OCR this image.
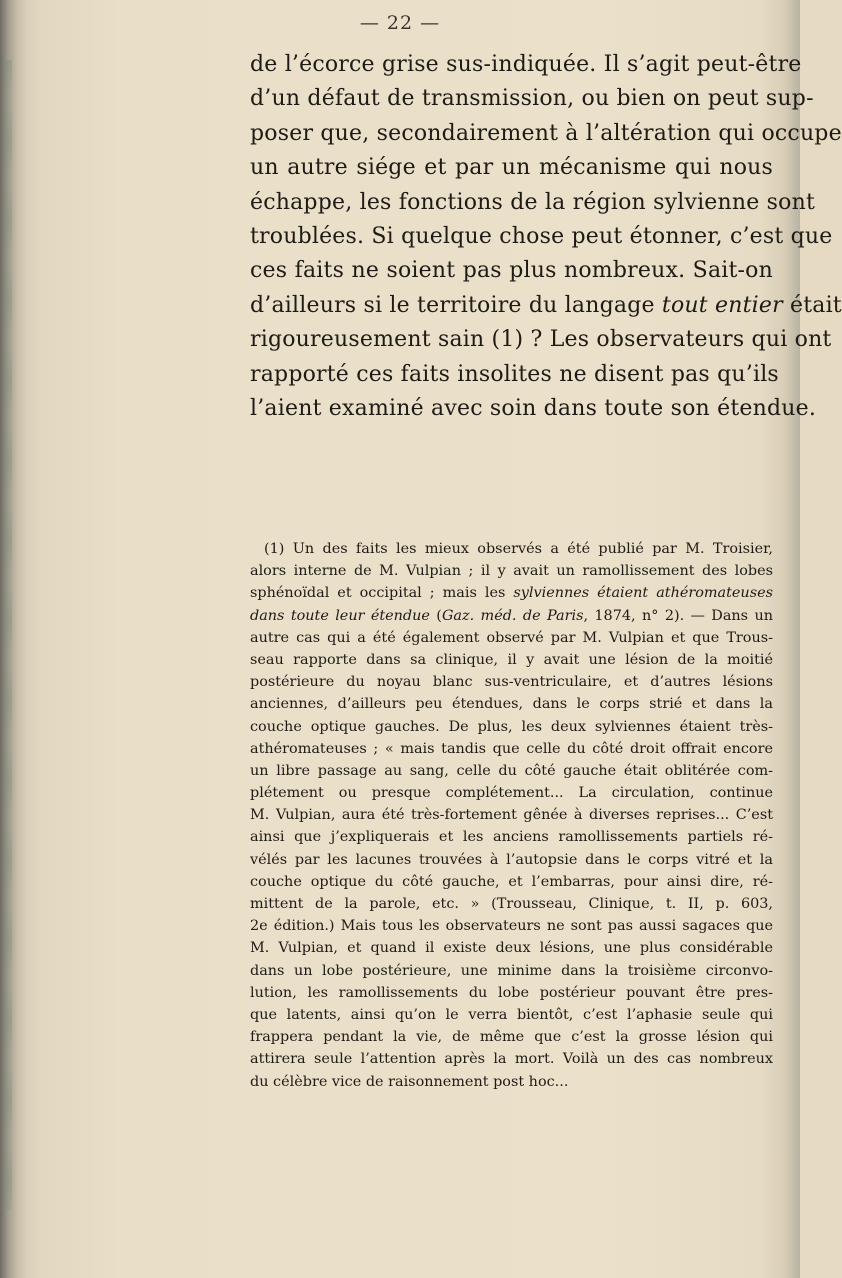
— 22 —
de l’écorce grise sus-indiquée. Il s’agit peut-être
d’un défaut de transmission, ou bien on peut sup-
poser que, secondairement à l’altération qui occupe
un autre siége et par un mécanisme qui nous
échappe, les fonctions de la région sylvienne sont
troublées. Si quelque chose peut étonner, c’est que
ces faits ne soient pas plus nombreux. Sait-on
d’ailleurs si le territoire du langage tout entier était
rigoureusement sain (1) ? Les observateurs qui ont
rapporté ces faits insolites ne disent pas qu’ils
l’aient examiné avec soin dans toute son étendue.
(1) Un des faits les mieux observés a été publié par M. Troisier,
alors interne de M. Vulpian ; il y avait un ramollissement des lobes
sphénoïdal et occipital ; mais les sylviennes étaient athéromateuses
dans toute leur étendue (Gaz. méd. de Paris, 1874, n° 2). — Dans un
autre cas qui a été également observé par M. Vulpian et que Trous-
seau rapporte dans sa clinique, il y avait une lésion de la moitié
postérieure du noyau blanc sus-ventriculaire, et d’autres lésions
anciennes, d’ailleurs peu étendues, dans le corps strié et dans la
couche optique gauches. De plus, les deux sylviennes étaient très-
athéromateuses ; « mais tandis que celle du côté droit offrait encore
un libre passage au sang, celle du côté gauche était oblitérée com-
plétement ou presque complétement... La circulation, continue
M. Vulpian, aura été très-fortement gênée à diverses reprises... C’est
ainsi que j’expliquerais et les anciens ramollissements partiels ré-
vélés par les lacunes trouvées à l’autopsie dans le corps vitré et la
couche optique du côté gauche, et l’embarras, pour ainsi dire, ré-
mittent de la parole, etc. » (Trousseau, Clinique, t. II, p. 603,
2e édition.) Mais tous les observateurs ne sont pas aussi sagaces que
M. Vulpian, et quand il existe deux lésions, une plus considérable
dans un lobe postérieure, une minime dans la troisième circonvo-
lution, les ramollissements du lobe postérieur pouvant être pres-
que latents, ainsi qu’on le verra bientôt, c’est l’aphasie seule qui
frappera pendant la vie, de même que c’est la grosse lésion qui
attirera seule l’attention après la mort. Voilà un des cas nombreux
du célèbre vice de raisonnement post hoc...
